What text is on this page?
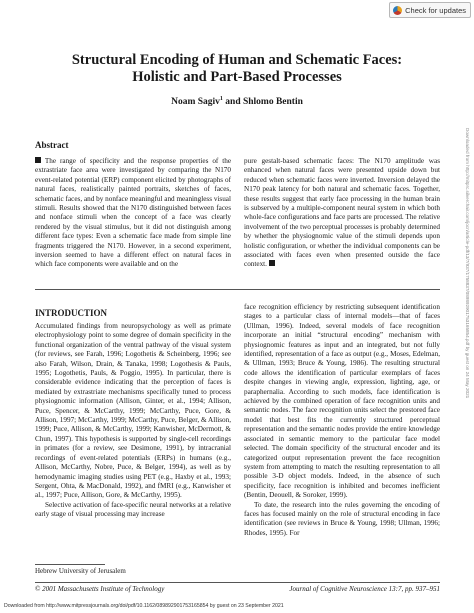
Check for updates
Structural Encoding of Human and Schematic Faces:
Holistic and Part-Based Processes
Noam Sagiv$^1$ and Shlomo Bentin
Downloaded from http://mitprc.silverchair.com/jocn/article-pdf/13/7/937/1758837/089892901753165854.pdf by guest on 24 May 2021
Abstract

The range of specificity and the response properties of the extrastriate face area were investigated by comparing the N170 event-related potential (ERP) component elicited by photographs of natural faces, realistically painted portraits, sketches of faces, schematic faces, and by nonface meaningful and meaningless visual stimuli. Results showed that the N170 distinguished between faces and nonface stimuli when the concept of a face was clearly rendered by the visual stimulus, but it did not distinguish among different face types: Even a schematic face made from simple line fragments triggered the N170. However, in a second experiment, inversion seemed to have a different effect on natural faces in which face components were available and on the

pure gestalt-based schematic faces: The N170 amplitude was enhanced when natural faces were presented upside down but reduced when schematic faces were inverted. Inversion delayed the N170 peak latency for both natural and schematic faces. Together, these results suggest that early face processing in the human brain is subserved by a multiple-component neural system in which both whole-face configurations and face parts are processed. The relative involvement of the two perceptual processes is probably determined by whether the physiognomic value of the stimuli depends upon holistic configuration, or whether the individual components can be associated with faces even when presented outside the face context.

INTRODUCTION

Accumulated findings from neuropsychology as well as primate electrophysiology point to some degree of domain specificity in the functional organization of the ventral pathway of the visual system (for reviews, see Farah, 1996; Logothetis & Scheinberg, 1996; see also Farah, Wilson, Drain, & Tanaka, 1998; Logothesis & Pauls, 1995; Logothetis, Pauls, & Poggio, 1995). In particular, there is considerable evidence indicating that the perception of faces is mediated by extrastriate mechanisms specifically tuned to process physiognomic information (Allison, Ginter, et al., 1994; Allison, Puce, Spencer, & McCarthy, 1999; McCarthy, Puce, Gore, & Allison, 1997; McCarthy, 1999; McCarthy, Puce, Belger, & Allison, 1999; Puce, Allison, & McCarthy, 1999; Kanwisher, McDermott, & Chun, 1997). This hypothesis is supported by single-cell recordings in primates (for a review, see Desimone, 1991), by intracranial recordings of event-related potentials (ERPs) in humans (e.g., Allison, McCarthy, Nobre, Puce, & Belger, 1994), as well as by hemodynamic imaging studies using PET (e.g., Haxby et al., 1993; Sergent, Ohta, & MacDonald, 1992), and fMRI (e.g., Kanwisher et al., 1997; Puce, Allison, Gore, & McCarthy, 1995).

Selective activation of face-specific neural networks at a relative early stage of visual processing may increase

face recognition efficiency by restricting subsequent identification stages to a particular class of internal models—that of faces (Ullman, 1996). Indeed, several models of face recognition incorporate an initial “structural encoding” mechanism with physiognomic features as input and an integrated, but not fully identified, representation of a face as output (e.g., Moses, Edelman, & Ullman, 1993; Bruce & Young, 1986). The resulting structural code allows the identification of particular exemplars of faces despite changes in viewing angle, expression, lighting, age, or paraphernalia. According to such models, face identification is achieved by the combined operation of face recognition units and semantic nodes. The face recognition units select the prestored face model that best fits the currently structured perceptual representation and the semantic nodes provide the entire knowledge associated in semantic memory to the particular face model selected. The domain specificity of the structural encoder and its categorized output representation prevent the face recognition system from attempting to match the resulting representation to all possible 3-D object models. Indeed, in the absence of such specificity, face recognition is inhibited and becomes inefficient (Bentin, Deouell, & Soroker, 1999).

To date, the research into the rules governing the encoding of faces has focused mainly on the role of structural encoding in face identification (see reviews in Bruce & Young, 1998; Ullman, 1996; Rhodes, 1995). For

Hebrew University of Jerusalem
© 2001 Massachusetts Institute of Technology	Journal of Cognitive Neuroscience 13:7, pp. 937–951
Downloaded from http://www.mitpressjournals.org/doi/pdf/10.1162/089892901753165854 by guest on 23 September 2021
